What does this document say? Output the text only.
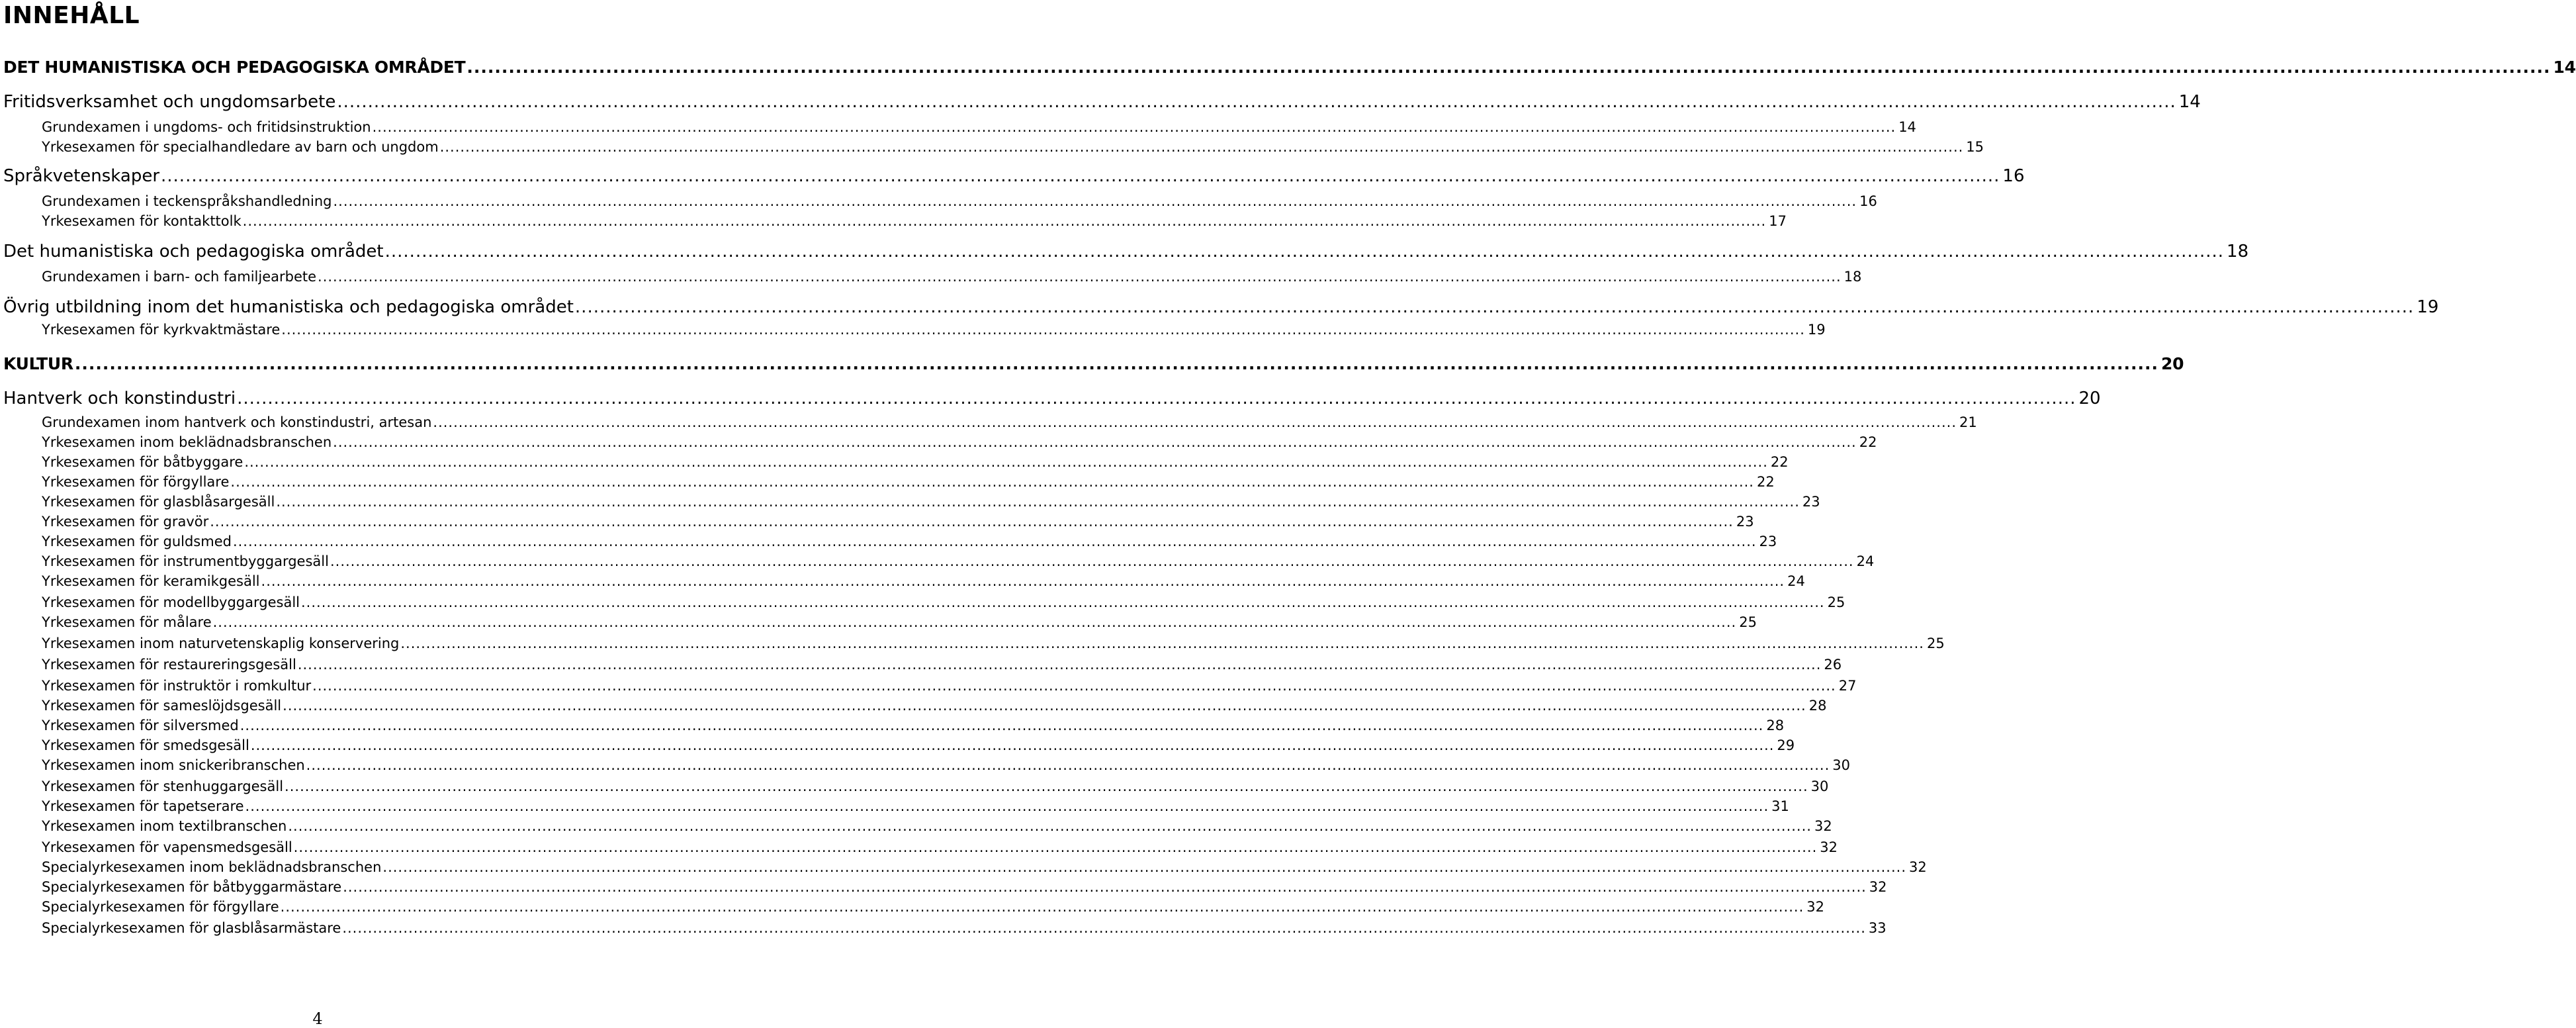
INNEHÅLL
DET HUMANISTISKA OCH PEDAGOGISKA OMRÅDET ............................................................................................................................................................................................................................................................................................................ 14
Fritidsverksamhet och ungdomsarbete ............................................................................................................................................................................................................................................................................................................ 14
Grundexamen i ungdoms- och fritidsinstruktion ............................................................................................................................................................................................................................................................................................................ 14
Yrkesexamen för specialhandledare av barn och ungdom ............................................................................................................................................................................................................................................................................................................ 15
Språkvetenskaper ............................................................................................................................................................................................................................................................................................................ 16
Grundexamen i teckenspråkshandledning ............................................................................................................................................................................................................................................................................................................ 16
Yrkesexamen för kontakttolk ............................................................................................................................................................................................................................................................................................................ 17
Det humanistiska och pedagogiska området ............................................................................................................................................................................................................................................................................................................ 18
Grundexamen i barn- och familjearbete ............................................................................................................................................................................................................................................................................................................ 18
Övrig utbildning inom det humanistiska och pedagogiska området ............................................................................................................................................................................................................................................................................................................ 19
Yrkesexamen för kyrkvaktmästare ............................................................................................................................................................................................................................................................................................................ 19
KULTUR ............................................................................................................................................................................................................................................................................................................ 20
Hantverk och konstindustri ............................................................................................................................................................................................................................................................................................................ 20
Grundexamen inom hantverk och konstindustri, artesan ............................................................................................................................................................................................................................................................................................................ 21
Yrkesexamen inom beklädnadsbranschen ............................................................................................................................................................................................................................................................................................................ 22
Yrkesexamen för båtbyggare ............................................................................................................................................................................................................................................................................................................ 22
Yrkesexamen för förgyllare ............................................................................................................................................................................................................................................................................................................ 22
Yrkesexamen för glasblåsargesäll ............................................................................................................................................................................................................................................................................................................ 23
Yrkesexamen för gravör ............................................................................................................................................................................................................................................................................................................ 23
Yrkesexamen för guldsmed ............................................................................................................................................................................................................................................................................................................ 23
Yrkesexamen för instrumentbyggargesäll ............................................................................................................................................................................................................................................................................................................ 24
Yrkesexamen för keramikgesäll ............................................................................................................................................................................................................................................................................................................ 24
Yrkesexamen för modellbyggargesäll ............................................................................................................................................................................................................................................................................................................ 25
Yrkesexamen för målare ............................................................................................................................................................................................................................................................................................................ 25
Yrkesexamen inom naturvetenskaplig konservering ............................................................................................................................................................................................................................................................................................................ 25
Yrkesexamen för restaureringsgesäll ............................................................................................................................................................................................................................................................................................................ 26
Yrkesexamen för instruktör i romkultur ............................................................................................................................................................................................................................................................................................................ 27
Yrkesexamen för sameslöjdsgesäll ............................................................................................................................................................................................................................................................................................................ 28
Yrkesexamen för silversmed ............................................................................................................................................................................................................................................................................................................ 28
Yrkesexamen för smedsgesäll ............................................................................................................................................................................................................................................................................................................ 29
Yrkesexamen inom snickeribranschen ............................................................................................................................................................................................................................................................................................................ 30
Yrkesexamen för stenhuggargesäll ............................................................................................................................................................................................................................................................................................................ 30
Yrkesexamen för tapetserare ............................................................................................................................................................................................................................................................................................................ 31
Yrkesexamen inom textilbranschen ............................................................................................................................................................................................................................................................................................................ 32
Yrkesexamen för vapensmedsgesäll ............................................................................................................................................................................................................................................................................................................ 32
Specialyrkesexamen inom beklädnadsbranschen ............................................................................................................................................................................................................................................................................................................ 32
Specialyrkesexamen för båtbyggarmästare ............................................................................................................................................................................................................................................................................................................ 32
Specialyrkesexamen för förgyllare ............................................................................................................................................................................................................................................................................................................ 32
Specialyrkesexamen för glasblåsarmästare ............................................................................................................................................................................................................................................................................................................ 33
4
